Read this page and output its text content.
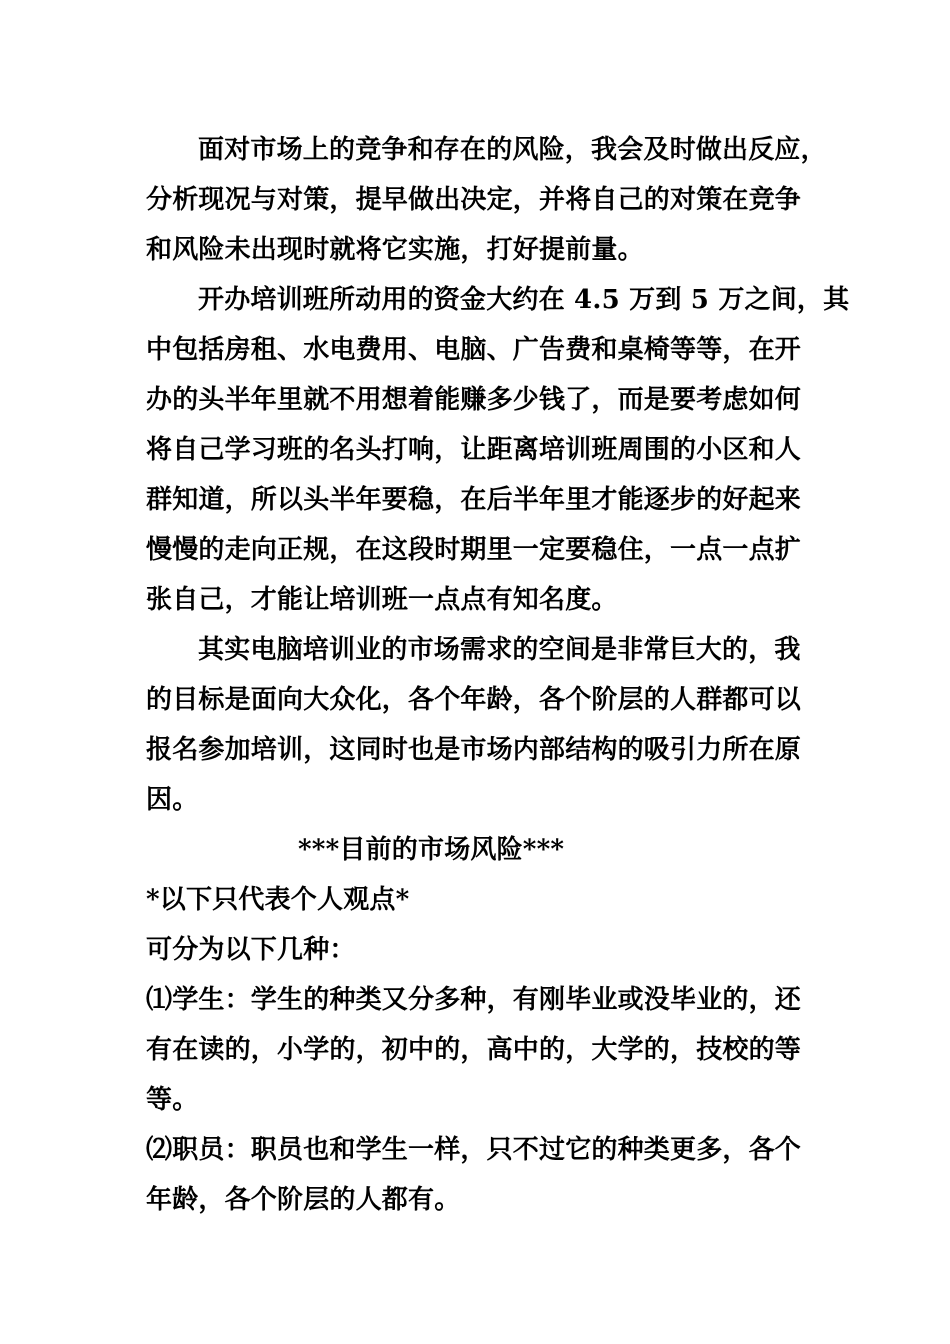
面对市场上的竞争和存在的风险，我会及时做出反应，
分析现况与对策，提早做出决定，并将自己的对策在竞争
和风险未出现时就将它实施，打好提前量。
开办培训班所动用的资金大约在 4.5 万到 5 万之间，其
中包括房租、水电费用、电脑、广告费和桌椅等等，在开
办的头半年里就不用想着能赚多少钱了，而是要考虑如何
将自己学习班的名头打响，让距离培训班周围的小区和人
群知道，所以头半年要稳，在后半年里才能逐步的好起来
慢慢的走向正规，在这段时期里一定要稳住，一点一点扩
张自己，才能让培训班一点点有知名度。
其实电脑培训业的市场需求的空间是非常巨大的，我
的目标是面向大众化，各个年龄，各个阶层的人群都可以
报名参加培训，这同时也是市场内部结构的吸引力所在原
因。
***目前的市场风险***
*以下只代表个人观点*
可分为以下几种：
⑴学生：学生的种类又分多种，有刚毕业或没毕业的，还
有在读的，小学的，初中的，高中的，大学的，技校的等
等。
⑵职员：职员也和学生一样，只不过它的种类更多，各个
年龄，各个阶层的人都有。
